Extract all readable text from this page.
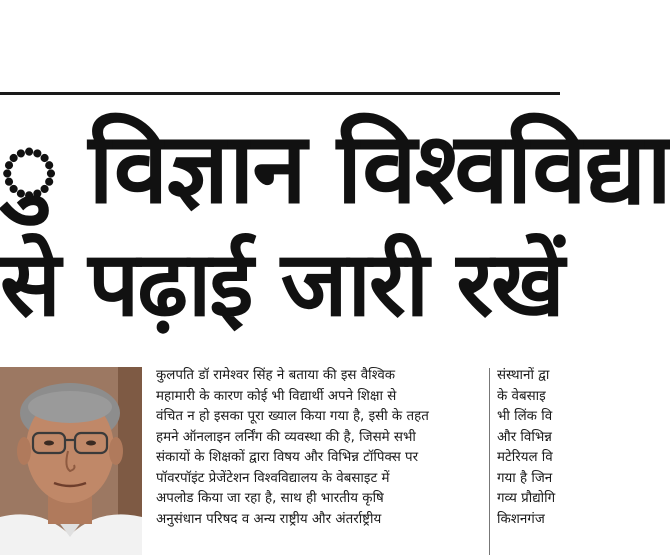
ु विज्ञान विश्वविद्या
से पढ़ाई जारी रखें
कुलपति डॉ रामेश्वर सिंह ने बताया की इस वैश्विक
महामारी के कारण कोई भी विद्यार्थी अपने शिक्षा से
वंचित न हो इसका पूरा ख्याल किया गया है, इसी के तहत
हमने ऑनलाइन लर्निंग की व्यवस्था की है, जिसमे सभी
संकायों के शिक्षकों द्वारा विषय और विभिन्न टॉपिक्स पर
पॉवरपॉइंट प्रेजेंटेशन विश्वविद्यालय के वेबसाइट में
अपलोड किया जा रहा है, साथ ही भारतीय कृषि
अनुसंधान परिषद व अन्य राष्ट्रीय और अंतर्राष्ट्रीय
संस्थानों द्वा
के वेबसाइ
भी लिंक वि
और विभिन्न
मटेरियल वि
गया है जिन
गव्य प्रौद्योगि
किशनगंज
